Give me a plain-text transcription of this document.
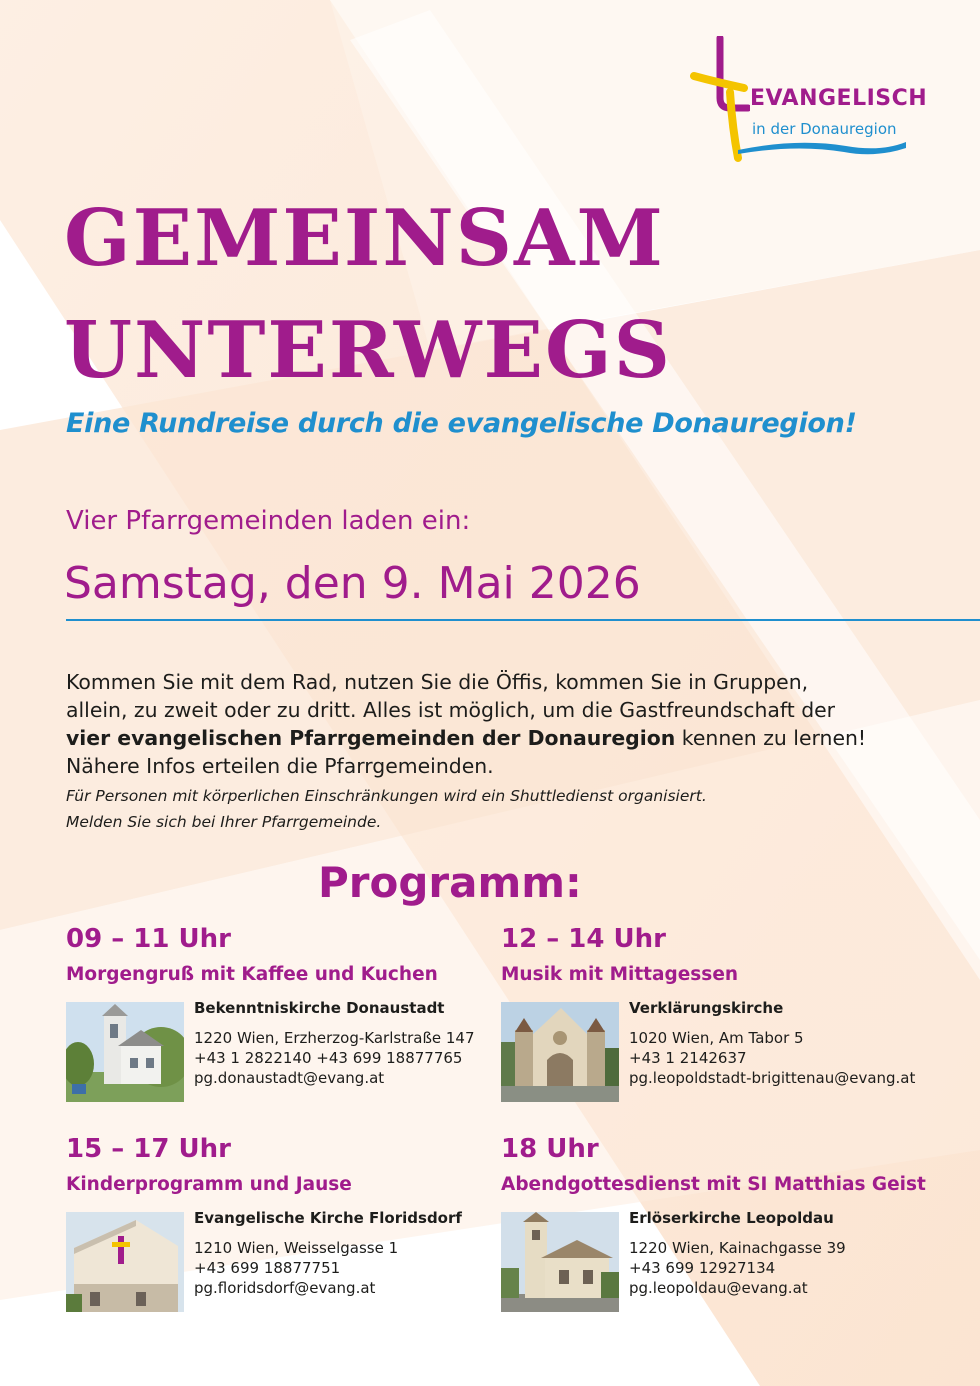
EVANGELISCH
in der Donauregion
GEMEINSAM
UNTERWEGS
Eine Rundreise durch die evangelische Donauregion!
Vier Pfarrgemeinden laden ein:
Samstag, den 9. Mai 2026
Kommen Sie mit dem Rad, nutzen Sie die Öffis, kommen Sie in Gruppen,
allein, zu zweit oder zu dritt. Alles ist möglich, um die Gastfreundschaft der
vier evangelischen Pfarrgemeinden der Donauregion kennen zu lernen!
Nähere Infos erteilen die Pfarrgemeinden.
Für Personen mit körperlichen Einschränkungen wird ein Shuttledienst organisiert.
Melden Sie sich bei Ihrer Pfarrgemeinde.
Programm:
09 – 11 Uhr
Morgengruß mit Kaffee und Kuchen
Bekenntniskirche Donaustadt
1220 Wien, Erzherzog-Karlstraße 147
+43 1 2822140 +43 699 18877765
pg.donaustadt@evang.at
12 – 14 Uhr
Musik mit Mittagessen
Verklärungskirche
1020 Wien, Am Tabor 5
+43 1 2142637
pg.leopoldstadt-brigittenau@evang.at
15 – 17 Uhr
Kinderprogramm und Jause
Evangelische Kirche Floridsdorf
1210 Wien, Weisselgasse 1
+43 699 18877751
pg.floridsdorf@evang.at
18 Uhr
Abendgottesdienst mit SI Matthias Geist
Erlöserkirche Leopoldau
1220 Wien, Kainachgasse 39
+43 699 12927134
pg.leopoldau@evang.at
